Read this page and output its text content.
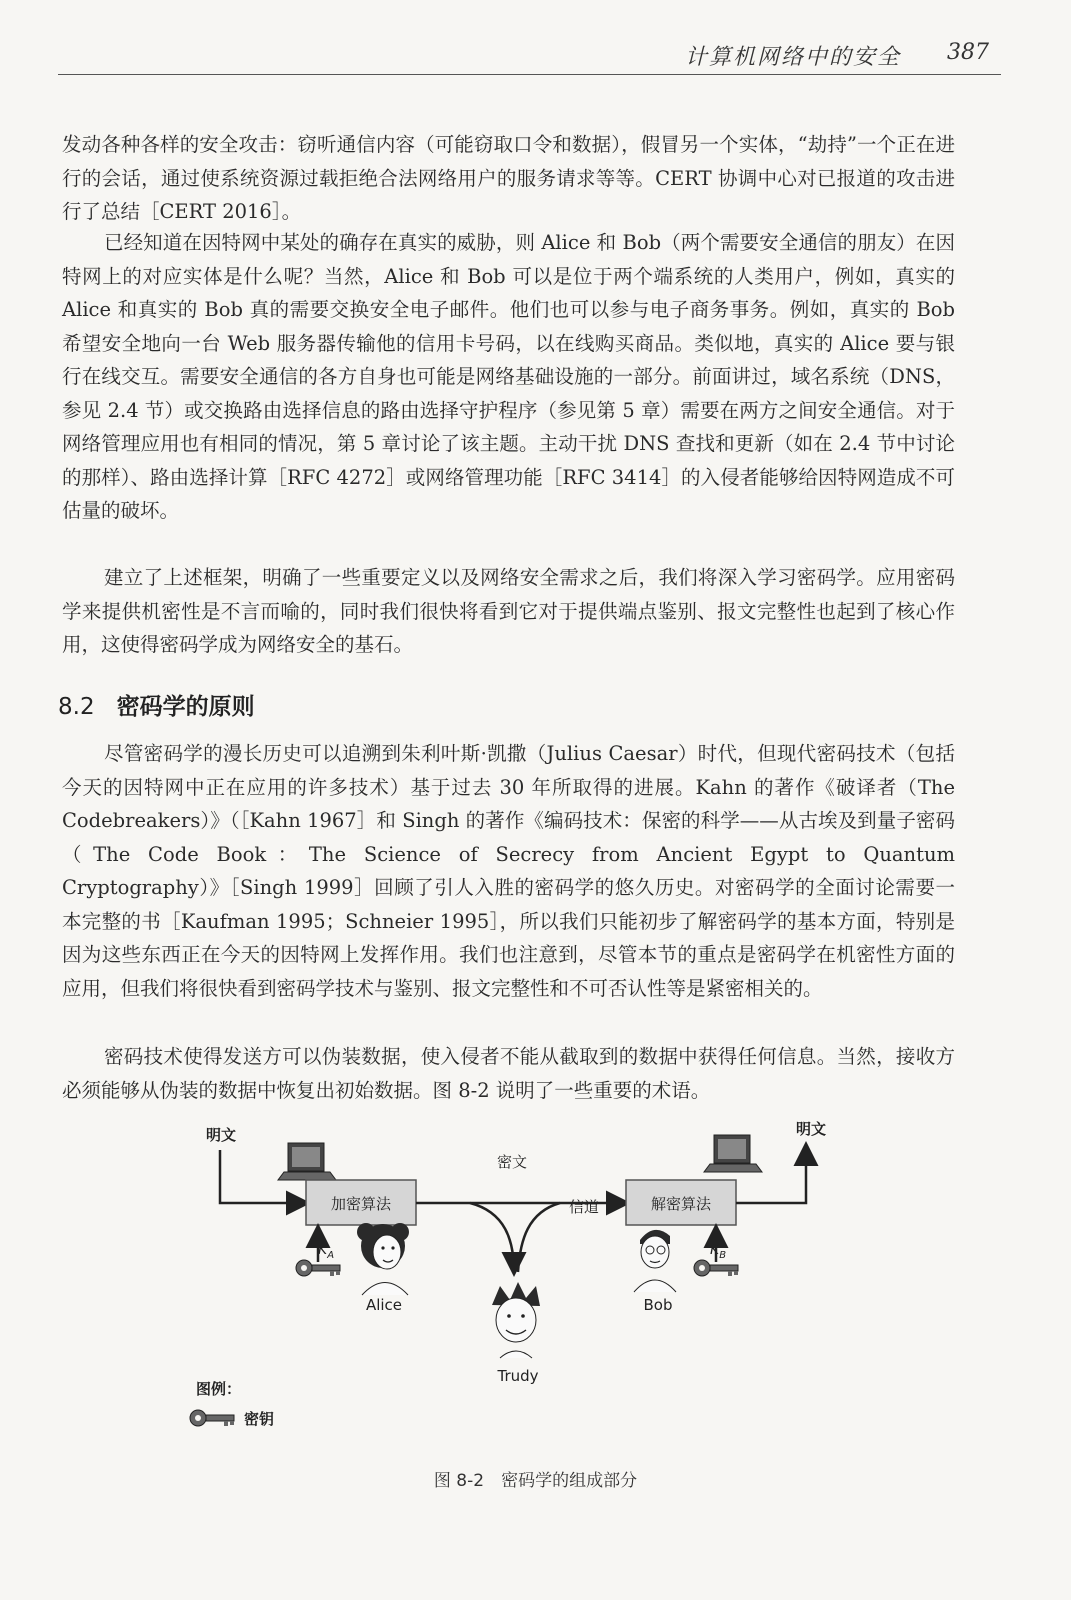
计算机网络中的安全 387

发动各种各样的安全攻击：窃听通信内容（可能窃取口令和数据），假冒另一个实体，“劫持”一个正在进行的会话，通过使系统资源过载拒绝合法网络用户的服务请求等等。CERT 协调中心对已报道的攻击进行了总结［CERT 2016］。

已经知道在因特网中某处的确存在真实的威胁，则 Alice 和 Bob（两个需要安全通信的朋友）在因特网上的对应实体是什么呢？当然，Alice 和 Bob 可以是位于两个端系统的人类用户，例如，真实的 Alice 和真实的 Bob 真的需要交换安全电子邮件。他们也可以参与电子商务事务。例如，真实的 Bob 希望安全地向一台 Web 服务器传输他的信用卡号码，以在线购买商品。类似地，真实的 Alice 要与银行在线交互。需要安全通信的各方自身也可能是网络基础设施的一部分。前面讲过，域名系统（DNS，参见 2.4 节）或交换路由选择信息的路由选择守护程序（参见第 5 章）需要在两方之间安全通信。对于网络管理应用也有相同的情况，第 5 章讨论了该主题。主动干扰 DNS 查找和更新（如在 2.4 节中讨论的那样）、路由选择计算［RFC 4272］或网络管理功能［RFC 3414］的入侵者能够给因特网造成不可估量的破坏。

建立了上述框架，明确了一些重要定义以及网络安全需求之后，我们将深入学习密码学。应用密码学来提供机密性是不言而喻的，同时我们很快将看到它对于提供端点鉴别、报文完整性也起到了核心作用，这使得密码学成为网络安全的基石。

8.2 密码学的原则

尽管密码学的漫长历史可以追溯到朱利叶斯·凯撒（Julius Caesar）时代，但现代密码技术（包括今天的因特网中正在应用的许多技术）基于过去 30 年所取得的进展。Kahn 的著作《破译者（The Codebreakers）》（［Kahn 1967］和 Singh 的著作《编码技术：保密的科学——从古埃及到量子密码（The Code Book：The Science of Secrecy from Ancient Egypt to Quantum Cryptography）》［Singh 1999］回顾了引人入胜的密码学的悠久历史。对密码学的全面讨论需要一本完整的书［Kaufman 1995；Schneier 1995］，所以我们只能初步了解密码学的基本方面，特别是因为这些东西正在今天的因特网上发挥作用。我们也注意到，尽管本节的重点是密码学在机密性方面的应用，但我们将很快看到密码学技术与鉴别、报文完整性和不可否认性等是紧密相关的。

密码技术使得发送方可以伪装数据，使入侵者不能从截取到的数据中获得任何信息。当然，接收方必须能够从伪装的数据中恢复出初始数据。图 8-2 说明了一些重要的术语。

明文
加密算法
密文
信道	解密算法
明文
$K_A$	$K_B$
Alice	Bob
Trudy
图例：
密钥
图 8-2　密码学的组成部分
